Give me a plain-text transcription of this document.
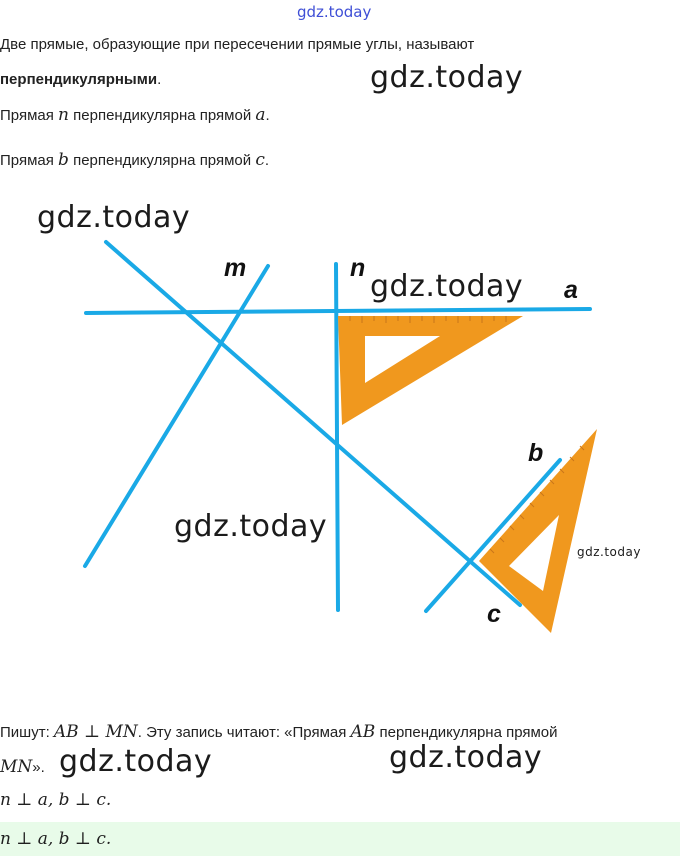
gdz.today
Две прямые, образующие при пересечении прямые углы, называют
перпендикулярными.
Прямая n перпендикулярна прямой a.
Прямая b перпендикулярна прямой c.
m	n
a
b
c
Пишут: AB ⊥ MN. Эту запись читают: «Прямая AB перпендикулярна прямой
MN».
n ⊥ a, b ⊥ c.
n ⊥ a, b ⊥ c.
gdz.today
gdz.today
gdz.today
gdz.today
gdz.today
gdz.today	gdz.today
